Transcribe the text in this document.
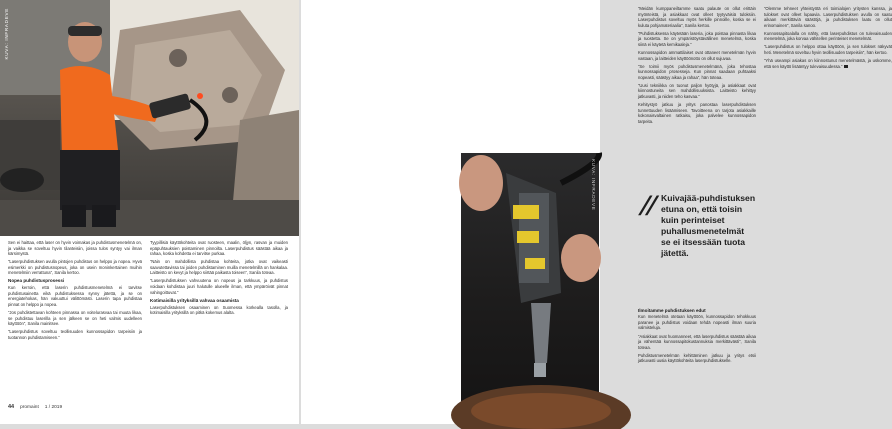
KUVA: INFRADEVE

Sen ei haittaa, että laser on hyvin voimakas ja puhdistusmenetelmä on, ja vaikka se soveltuu hyvin tilanteisiin, joissa tulos syntyy vai ilman kärsimystä.

”Laserpuhdistuksen avulla pintojen puhdistus on helppo ja nopea. Hyvä esimerkki on puhdistusnopeus, joka on usein moninkertainen muihin menetelmiin verrattuna”, Sanila kertoo.

Nopea puhdistusprosessi

Kun kerroin, että laserin puhdistusmenetelmä ei tarvitse puhdistusainetta eikä puhdistuksessa synny jätettä, ja se on energiatehokas, hän vakuuttui välittömästi. Laserin tapa puhdistaa pinnat on helppo ja nopea.

”Jos puhdistettavan kohteen pinnassa on voitelurasvaa tai muuta likaa, se puhdistuu laserilla ja sen jälkeen se on heti valmis uudelleen käyttöön”, Sanila mainitsee.

”Laserpuhdistus soveltuu teollisuuden kunnossapidon tarpeisiin ja tuotannon puhdistamiseen.”

Tyypillisiä käyttökohteita ovat ruosteen, maalin, öljyn, rasvan ja muiden epäpuhtauksien poistaminen pinnoilta. Laserpuhdistus säästää aikaa ja rahaa, koska kohdetta ei tarvitse purkaa.

”Näin on mahdollista puhdistaa kohteita, jotka ovat vaikeasti saavutettavissa tai joiden puhdistaminen muilla menetelmillä on hankalaa. Laitteisto on kevyt ja helppo siirtää paikasta toiseen”, Sanila toteaa.

”Laserpuhdistuksen vahvuutena on nopeus ja tarkkuus, ja puhdistus voidaan kohdistaa juuri halutulle alueelle ilman, että ympäröivät pinnat vahingoittuvat.”

Kotimaisilla yrityksillä vahvaa osaamista

Laserpuhdistuksen osaaminen on Suomessa korkealla tasolla, ja kotimaisilla yrityksillä on pitkä kokemus alalta.

44 promaint 1 / 2019

”Meidän kumppaneiltamme saatu palaute on ollut erittäin myönteistä, ja asiakkaat ovat olleet tyytyväisiä tuloksiin. Laserpuhdistus soveltuu myös herkille pinnoille, koska se ei kuluta pohjamateriaalia”, Sanila kertoo.

”Puhdistuksessa käytetään laseria, joka poistaa pinnasta likaa ja ruostetta. Se on ympäristöystävällinen menetelmä, koska siinä ei käytetä kemikaaleja.”

Kunnossapidon ammattilaiset ovat ottaneet menetelmän hyvin vastaan, ja laitteiden käyttöönotto on ollut sujuvaa.

”Se toimii myös puhdistusmenetelmänä, joka tehostaa kunnossapidon prosesseja. Kun pinnat saadaan puhtaaksi nopeasti, säästyy aikaa ja rahaa”, hän toteaa.

”Uusi tekniikka on tuonut paljon hyötyjä, ja asiakkaat ovat kiinnostuneita sen mahdollisuuksista. Laitteisto kehittyy jatkuvasti, ja niiden teho kasvaa.”

Kehitystyö jatkuu ja yritys panostaa laserpuhdistuksen tunnettuuden lisäämiseen. Tavoitteena on tarjota asiakkaille kokonaisvaltainen ratkaisu, joka palvelee kunnossapidon tarpeita.

”Olemme tehneet yhteistyötä eri toimialojen yritysten kanssa, ja tulokset ovat olleet lupaavia. Laserpuhdistuksen avulla on saatu aikaan merkittäviä säästöjä, ja puhdistuksen laatu on ollut erinomainen”, Sanila sanoo.

Kunnossapitoalalla on nähty, että laserpuhdistus on tulevaisuuden menetelmä, joka korvaa vähitellen perinteiset menetelmät.

”Laserpuhdistus on helppo ottaa käyttöön, ja sen tulokset näkyvät heti. Menetelmä soveltuu hyvin teollisuuden tarpeisiin”, hän kertoo.

”Yhä useampi asiakas on kiinnostunut menetelmästä, ja uskomme, että sen käyttö lisääntyy tulevaisuudessa.”

// Kuivajää-puhdistuksen etuna on, että toisin kuin perinteiset puhallusmenetelmät se ei itsessään tuota jätettä.

Ilmoitamme puhdistuksen edut

Kun menetelmä otetaan käyttöön, kunnossapidon tehokkuus paranee ja puhdistus voidaan tehdä nopeasti ilman suuria valmisteluja.

”Asiakkaat ovat huomanneet, että laserpuhdistus säästää aikaa ja vähentää kunnossapitokustannuksia merkittävästi”, Sanila toteaa.

Puhdistusmenetelmän kehittäminen jatkuu ja yritys etsii jatkuvasti uusia käyttökohteita laserpuhdistukselle.

KUVA: INFRADEVE
